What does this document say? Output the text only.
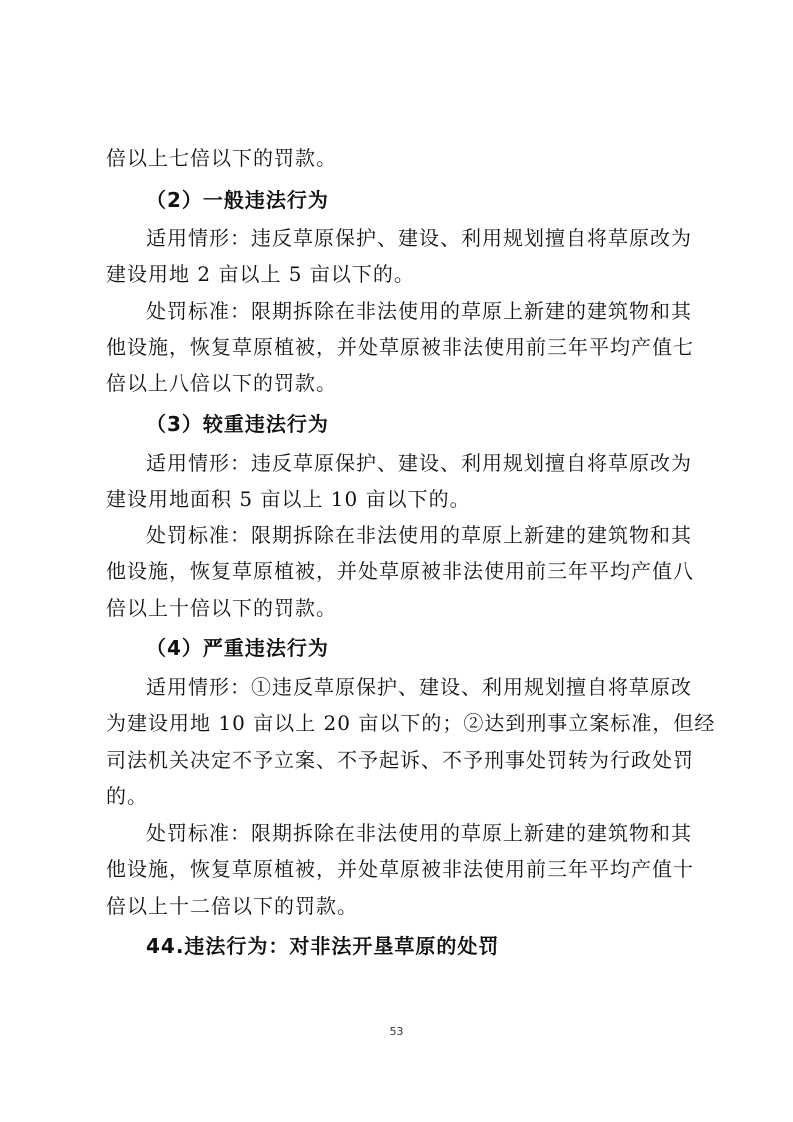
倍以上七倍以下的罚款。
（2）一般违法行为
适用情形：违反草原保护、建设、利用规划擅自将草原改为
建设用地 2 亩以上 5 亩以下的。
处罚标准：限期拆除在非法使用的草原上新建的建筑物和其
他设施，恢复草原植被，并处草原被非法使用前三年平均产值七
倍以上八倍以下的罚款。
（3）较重违法行为
适用情形：违反草原保护、建设、利用规划擅自将草原改为
建设用地面积 5 亩以上 10 亩以下的。
处罚标准：限期拆除在非法使用的草原上新建的建筑物和其
他设施，恢复草原植被，并处草原被非法使用前三年平均产值八
倍以上十倍以下的罚款。
（4）严重违法行为
适用情形：①违反草原保护、建设、利用规划擅自将草原改
为建设用地 10 亩以上 20 亩以下的；②达到刑事立案标准，但经
司法机关决定不予立案、不予起诉、不予刑事处罚转为行政处罚
的。
处罚标准：限期拆除在非法使用的草原上新建的建筑物和其
他设施，恢复草原植被，并处草原被非法使用前三年平均产值十
倍以上十二倍以下的罚款。
44.违法行为：对非法开垦草原的处罚
53
